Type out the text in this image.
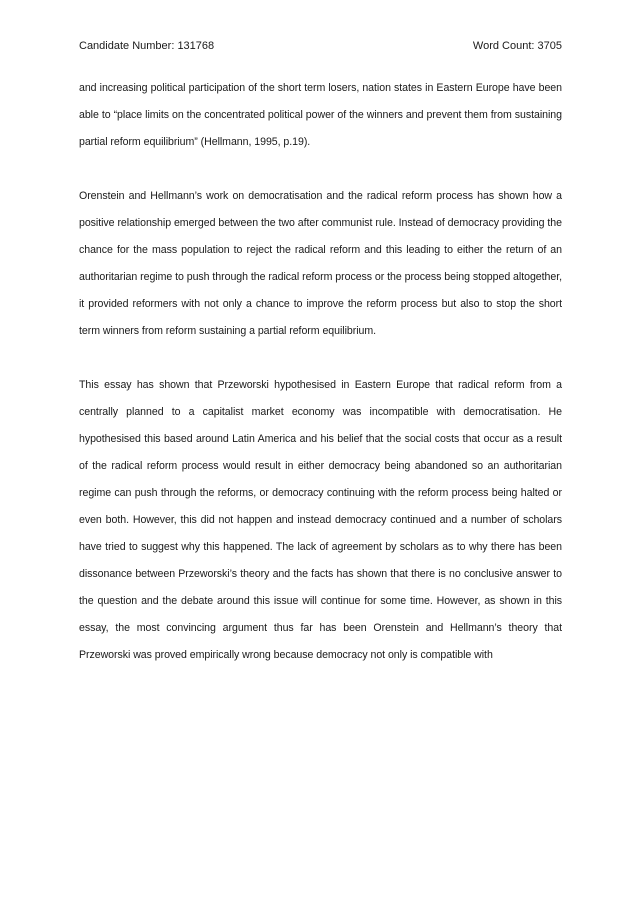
Candidate Number: 131768	Word Count: 3705

and increasing political participation of the short term losers, nation states in Eastern Europe have been able to “place limits on the concentrated political power of the winners and prevent them from sustaining partial reform equilibrium” (Hellmann, 1995, p.19).

Orenstein and Hellmann’s work on democratisation and the radical reform process has shown how a positive relationship emerged between the two after communist rule. Instead of democracy providing the chance for the mass population to reject the radical reform and this leading to either the return of an authoritarian regime to push through the radical reform process or the process being stopped altogether, it provided reformers with not only a chance to improve the reform process but also to stop the short term winners from reform sustaining a partial reform equilibrium.

This essay has shown that Przeworski hypothesised in Eastern Europe that radical reform from a centrally planned to a capitalist market economy was incompatible with democratisation. He hypothesised this based around Latin America and his belief that the social costs that occur as a result of the radical reform process would result in either democracy being abandoned so an authoritarian regime can push through the reforms, or democracy continuing with the reform process being halted or even both. However, this did not happen and instead democracy continued and a number of scholars have tried to suggest why this happened. The lack of agreement by scholars as to why there has been dissonance between Przeworski’s theory and the facts has shown that there is no conclusive answer to the question and the debate around this issue will continue for some time. However, as shown in this essay, the most convincing argument thus far has been Orenstein and Hellmann’s theory that Przeworski was proved empirically wrong because democracy not only is compatible with
